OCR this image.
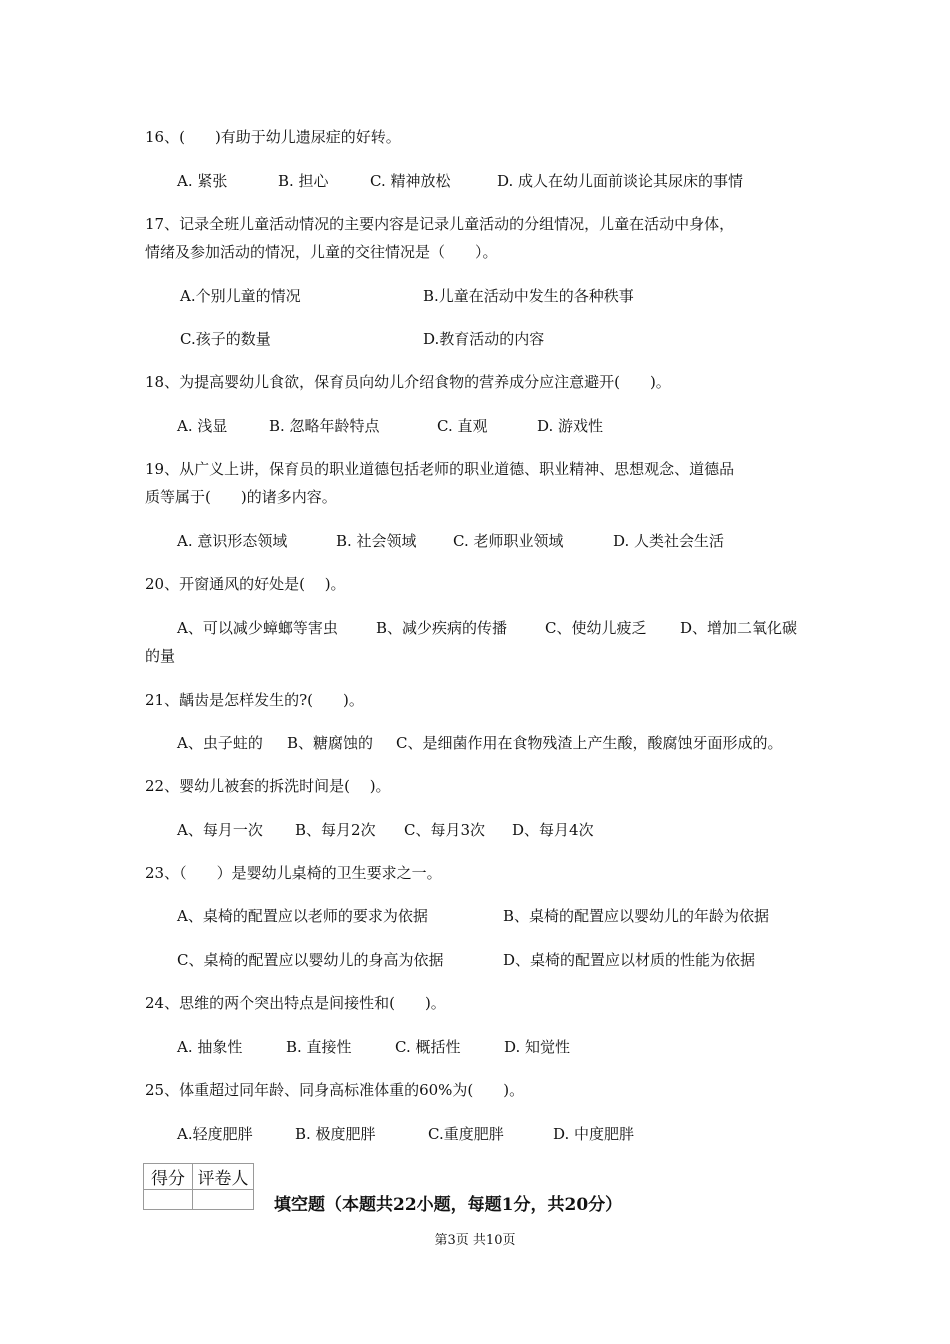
16、(　　)有助于幼儿遗尿症的好转。
A. 紧张	B. 担心	C. 精神放松	D. 成人在幼儿面前谈论其尿床的事情
17、记录全班儿童活动情况的主要内容是记录儿童活动的分组情况，儿童在活动中身体，
情绪及参加活动的情况，儿童的交往情况是（　　）。
A.个别儿童的情况	B.儿童在活动中发生的各种秩事
C.孩子的数量	D.教育活动的内容
18、为提高婴幼儿食欲，保育员向幼儿介绍食物的营养成分应注意避开(　　)。
A. 浅显	B. 忽略年龄特点	C. 直观	D. 游戏性
19、从广义上讲，保育员的职业道德包括老师的职业道德、职业精神、思想观念、道德品
质等属于(　　)的诸多内容。
A. 意识形态领域	B. 社会领域 C. 老师职业领域	D. 人类社会生活
20、开窗通风的好处是(　 )。
A、可以减少蟑螂等害虫	B、减少疾病的传播	C、使幼儿疲乏 D、增加二氧化碳
的量
21、龋齿是怎样发生的?(　　)。
A、虫子蛀的 B、糖腐蚀的 C、是细菌作用在食物残渣上产生酸，酸腐蚀牙面形成的。
22、婴幼儿被套的拆洗时间是(　 )。
A、每月一次 B、每月2次 C、每月3次 D、每月4次
23、（　　）是婴幼儿桌椅的卫生要求之一。
A、桌椅的配置应以老师的要求为依据	B、桌椅的配置应以婴幼儿的年龄为依据
C、桌椅的配置应以婴幼儿的身高为依据	D、桌椅的配置应以材质的性能为依据
24、思维的两个突出特点是间接性和(　　)。
A. 抽象性	B. 直接性	C. 概括性	D. 知觉性
25、体重超过同年龄、同身高标准体重的60%为(　　)。
A.轻度肥胖	B. 极度肥胖	C.重度肥胖	D. 中度肥胖
得分	评卷人

填空题（本题共22小题，每题1分，共20分）
第3页 共10页
